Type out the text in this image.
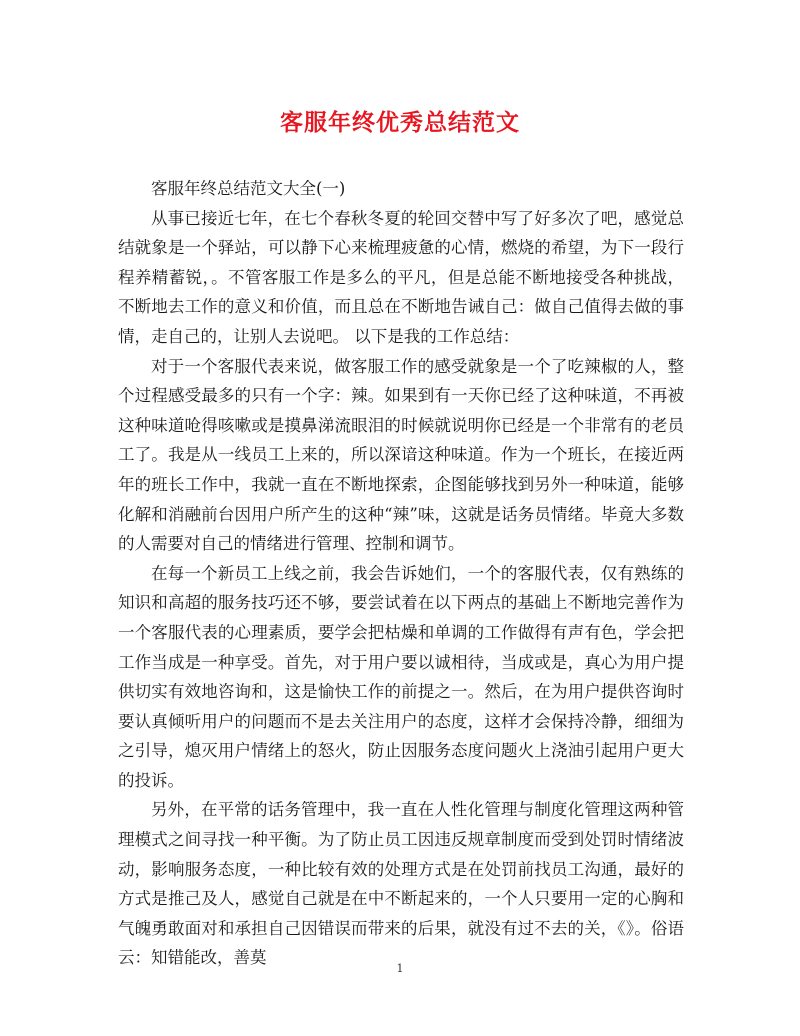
客服年终优秀总结范文

客服年终总结范文大全(一)

从事已接近七年，在七个春秋冬夏的轮回交替中写了好多次了吧，感觉总结就象是一个驿站，可以静下心来梳理疲惫的心情，燃烧的希望，为下一段行程养精蓄锐，。不管客服工作是多么的平凡，但是总能不断地接受各种挑战，不断地去工作的意义和价值，而且总在不断地告诫自己：做自己值得去做的事情，走自己的，让别人去说吧。 以下是我的工作总结：

对于一个客服代表来说，做客服工作的感受就象是一个了吃辣椒的人，整个过程感受最多的只有一个字：辣。如果到有一天你已经了这种味道，不再被这种味道呛得咳嗽或是摸鼻涕流眼泪的时候就说明你已经是一个非常有的老员工了。我是从一线员工上来的，所以深谙这种味道。作为一个班长，在接近两年的班长工作中，我就一直在不断地探索，企图能够找到另外一种味道，能够化解和消融前台因用户所产生的这种“辣”味，这就是话务员情绪。毕竟大多数的人需要对自己的情绪进行管理、控制和调节。

在每一个新员工上线之前，我会告诉她们，一个的客服代表，仅有熟练的知识和高超的服务技巧还不够，要尝试着在以下两点的基础上不断地完善作为一个客服代表的心理素质，要学会把枯燥和单调的工作做得有声有色，学会把工作当成是一种享受。首先，对于用户要以诚相待，当成或是，真心为用户提供切实有效地咨询和，这是愉快工作的前提之一。然后，在为用户提供咨询时要认真倾听用户的问题而不是去关注用户的态度，这样才会保持冷静，细细为之引导，熄灭用户情绪上的怒火，防止因服务态度问题火上浇油引起用户更大的投诉。

另外，在平常的话务管理中，我一直在人性化管理与制度化管理这两种管理模式之间寻找一种平衡。为了防止员工因违反规章制度而受到处罚时情绪波动，影响服务态度，一种比较有效的处理方式是在处罚前找员工沟通，最好的方式是推己及人，感觉自己就是在中不断起来的，一个人只要用一定的心胸和气魄勇敢面对和承担自己因错误而带来的后果，就没有过不去的关，《》。俗语云：知错能改，善莫

1
